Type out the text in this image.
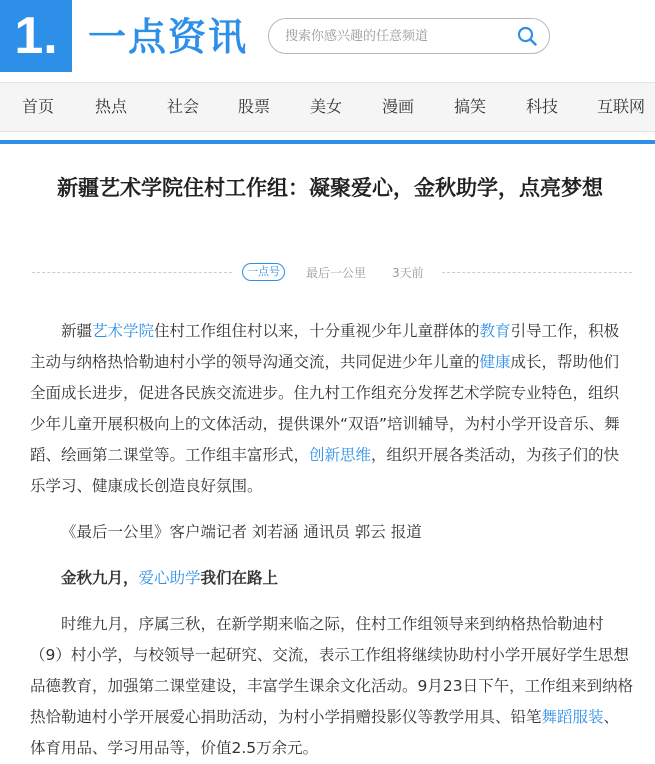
1. 一点资讯
搜索你感兴趣的任意频道
首页	热点 社会 股票 美女 漫画 搞笑 科技 互联网
新疆艺术学院住村工作组：凝聚爱心，金秋助学，点亮梦想
一点号	最后一公里 3天前

新疆艺术学院住村工作组住村以来，十分重视少年儿童群体的教育引导工作，积极主动与纳格热恰勒迪村小学的领导沟通交流，共同促进少年儿童的健康成长，帮助他们全面成长进步，促进各民族交流进步。住九村工作组充分发挥艺术学院专业特色，组织少年儿童开展积极向上的文体活动，提供课外“双语”培训辅导，为村小学开设音乐、舞蹈、绘画第二课堂等。工作组丰富形式，创新思维，组织开展各类活动，为孩子们的快乐学习、健康成长创造良好氛围。

《最后一公里》客户端记者 刘若涵 通讯员 郭云 报道

金秋九月，爱心助学我们在路上

时维九月，序属三秋，在新学期来临之际，住村工作组领导来到纳格热恰勒迪村（9）村小学，与校领导一起研究、交流，表示工作组将继续协助村小学开展好学生思想品德教育，加强第二课堂建设，丰富学生课余文化活动。9月23日下午，工作组来到纳格热恰勒迪村小学开展爱心捐助活动，为村小学捐赠投影仪等教学用具、铅笔舞蹈服装、体育用品、学习用品等，价值2.5万余元。
